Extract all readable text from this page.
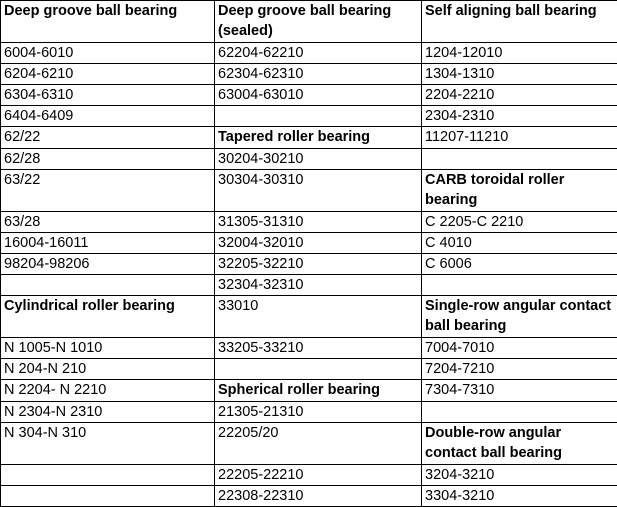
Deep groove ball bearing	Deep groove ball bearing (sealed)	Self aligning ball bearing
6004-6010	62204-62210	1204-12010
6204-6210	62304-62310	1304-1310
6304-6310	63004-63010	2204-2210
6404-6409		2304-2310
62/22	Tapered roller bearing	11207-11210
62/28	30204-30210	
63/22	30304-30310	CARB toroidal roller bearing
63/28	31305-31310	C 2205-C 2210
16004-16011	32004-32010	C 4010
98204-98206	32205-32210	C 6006
	32304-32310	
Cylindrical roller bearing	33010	Single-row angular contact ball bearing
N 1005-N 1010	33205-33210	7004-7010
N 204-N 210		7204-7210
N 2204- N 2210	Spherical roller bearing	7304-7310
N 2304-N 2310	21305-21310	
N 304-N 310	22205/20	Double-row angular contact ball bearing
	22205-22210	3204-3210
	22308-22310	3304-3210
